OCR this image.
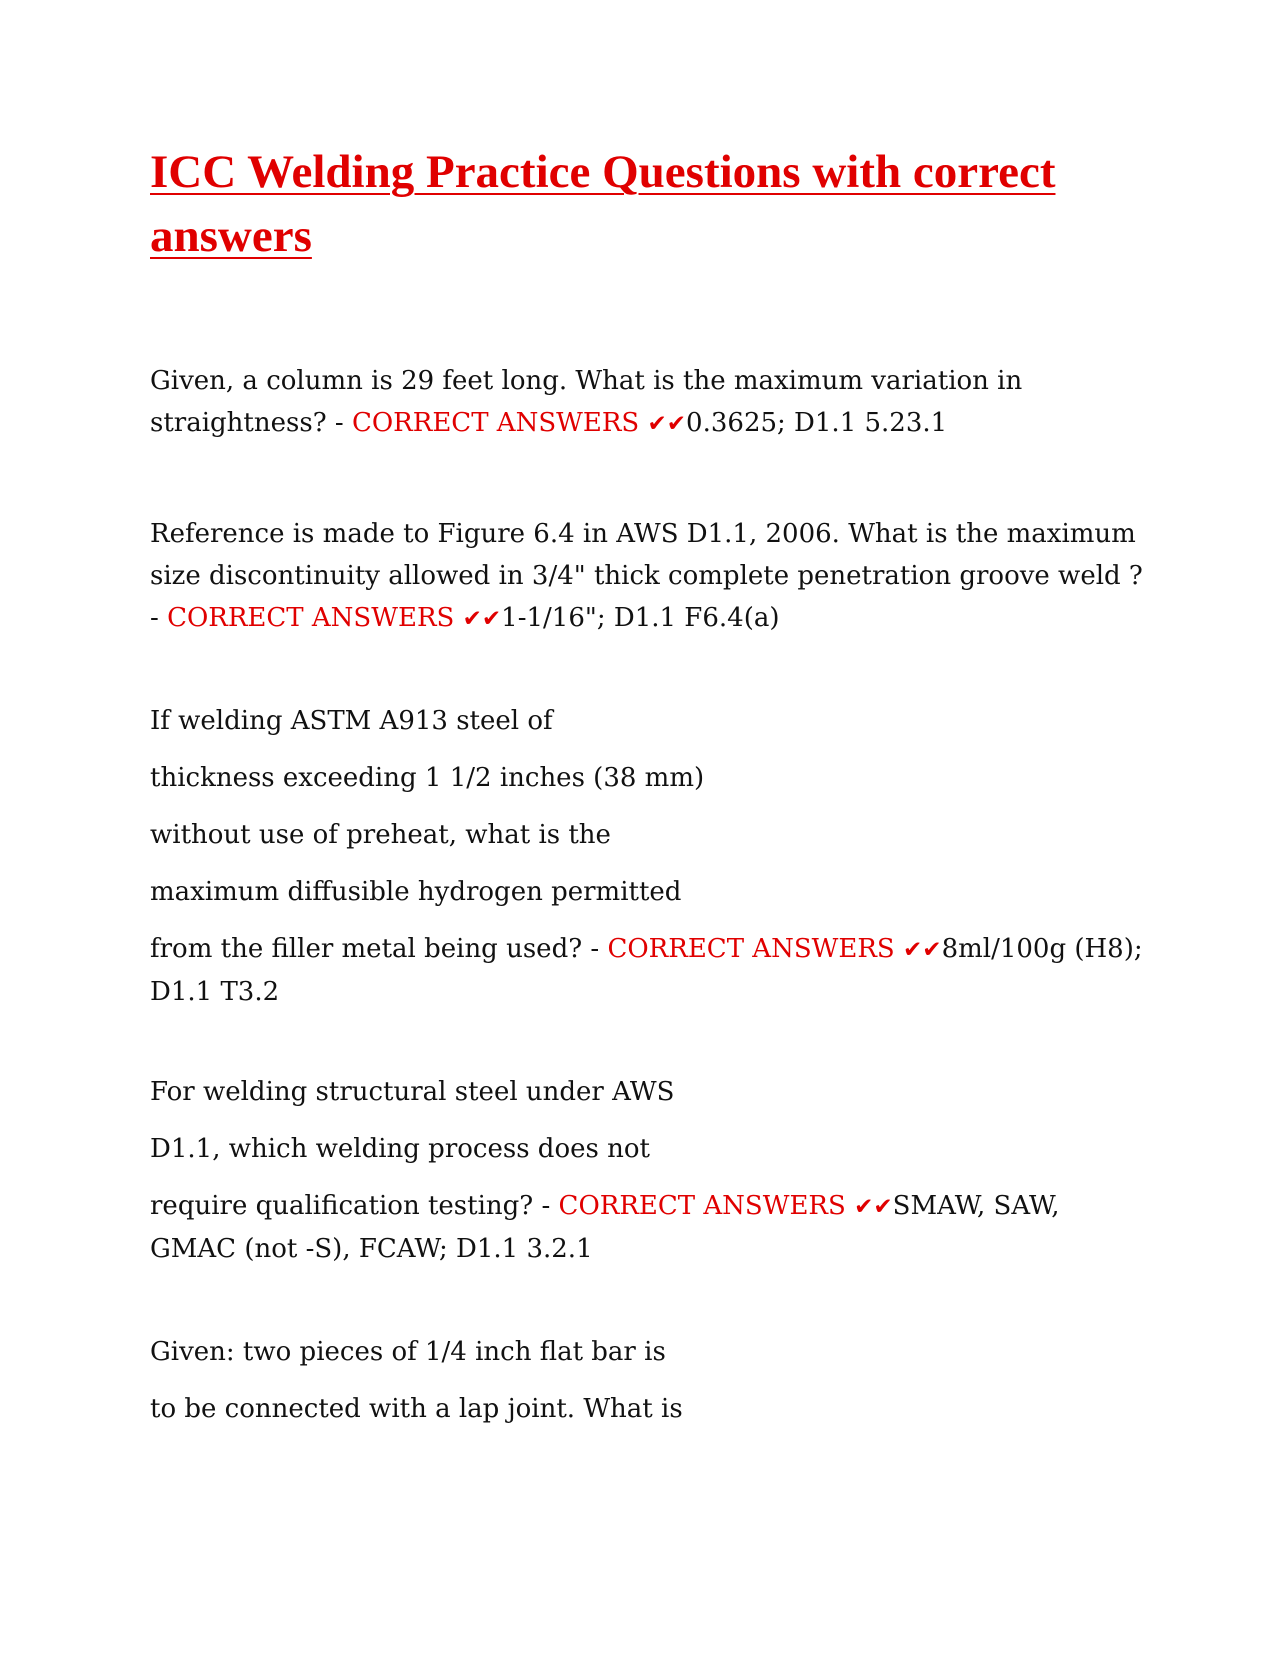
ICC Welding Practice Questions with correct answers

Given, a column is 29 feet long. What is the maximum variation in straightness? - CORRECT ANSWERS ✔✔0.3625; D1.1 5.23.1

Reference is made to Figure 6.4 in AWS D1.1, 2006. What is the maximum size discontinuity allowed in 3/4" thick complete penetration groove weld ? - CORRECT ANSWERS ✔✔1-1/16"; D1.1 F6.4(a)

If welding ASTM A913 steel of
thickness exceeding 1 1/2 inches (38 mm)
without use of preheat, what is the
maximum diffusible hydrogen permitted
from the filler metal being used? - CORRECT ANSWERS ✔✔8ml/100g (H8); D1.1 T3.2
For welding structural steel under AWS
D1.1, which welding process does not
require qualification testing? - CORRECT ANSWERS ✔✔SMAW, SAW, GMAC (not -S), FCAW; D1.1 3.2.1
Given: two pieces of 1/4 inch flat bar is
to be connected with a lap joint. What is
